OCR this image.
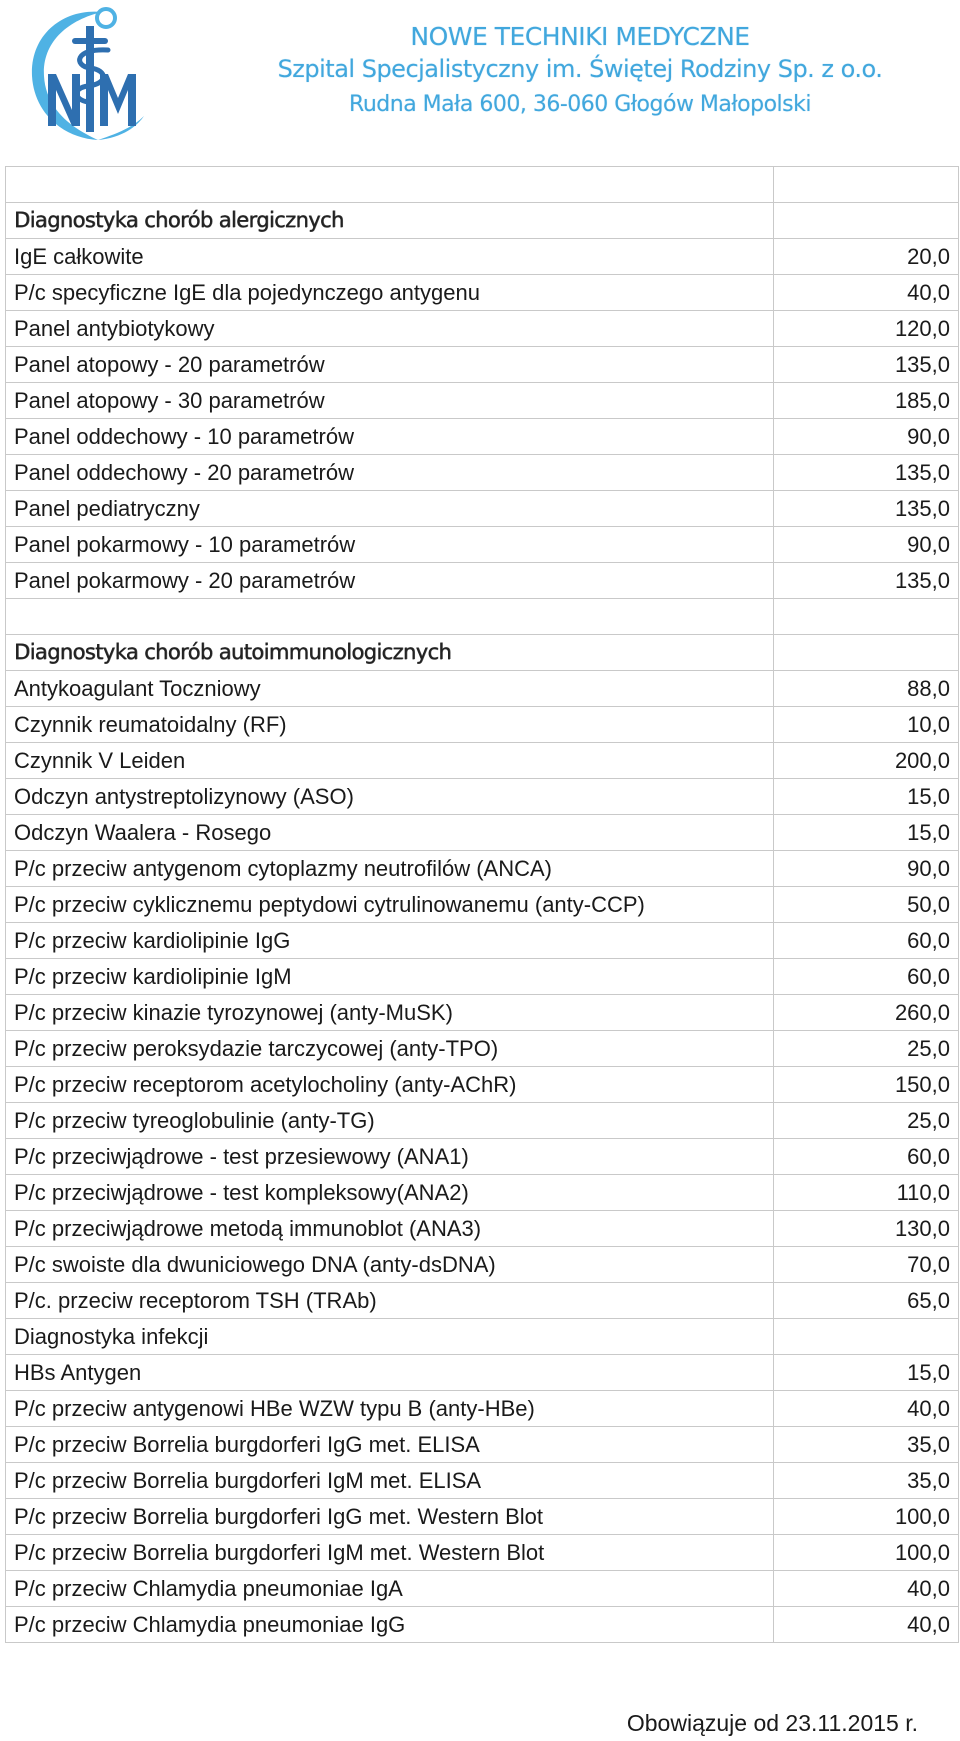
NOWE TECHNIKI MEDYCZNE
Szpital Specjalistyczny im. Świętej Rodziny Sp. z o.o.
Rudna Mała 600, 36-060 Głogów Małopolski

Diagnostyka chorób alergicznych	
IgE całkowite	20,0
P/c specyficzne IgE dla pojedynczego antygenu	40,0
Panel antybiotykowy	120,0
Panel atopowy - 20 parametrów	135,0
Panel atopowy - 30 parametrów	185,0
Panel oddechowy - 10 parametrów	90,0
Panel oddechowy - 20 parametrów	135,0
Panel pediatryczny	135,0
Panel pokarmowy - 10 parametrów	90,0
Panel pokarmowy - 20 parametrów	135,0

Diagnostyka chorób autoimmunologicznych	
Antykoagulant Toczniowy	88,0
Czynnik reumatoidalny (RF)	10,0
Czynnik V Leiden	200,0
Odczyn antystreptolizynowy (ASO)	15,0
Odczyn Waalera - Rosego	15,0
P/c przeciw antygenom cytoplazmy neutrofilów (ANCA)	90,0
P/c przeciw cyklicznemu peptydowi cytrulinowanemu (anty-CCP)	50,0
P/c przeciw kardiolipinie IgG	60,0
P/c przeciw kardiolipinie IgM	60,0
P/c przeciw kinazie tyrozynowej (anty-MuSK)	260,0
P/c przeciw peroksydazie tarczycowej (anty-TPO)	25,0
P/c przeciw receptorom acetylocholiny (anty-AChR)	150,0
P/c przeciw tyreoglobulinie (anty-TG)	25,0
P/c przeciwjądrowe - test przesiewowy (ANA1)	60,0
P/c przeciwjądrowe - test kompleksowy(ANA2)	110,0
P/c przeciwjądrowe metodą immunoblot (ANA3)	130,0
P/c swoiste dla dwuniciowego DNA (anty-dsDNA)	70,0
P/c. przeciw receptorom TSH (TRAb)	65,0
Diagnostyka infekcji	
HBs Antygen	15,0
P/c przeciw antygenowi HBe WZW typu B (anty-HBe)	40,0
P/c przeciw Borrelia burgdorferi IgG met. ELISA	35,0
P/c przeciw Borrelia burgdorferi IgM met. ELISA	35,0
P/c przeciw Borrelia burgdorferi IgG met. Western Blot	100,0
P/c przeciw Borrelia burgdorferi IgM met. Western Blot	100,0
P/c przeciw Chlamydia pneumoniae IgA	40,0
P/c przeciw Chlamydia pneumoniae IgG	40,0
Obowiązuje od 23.11.2015 r.
